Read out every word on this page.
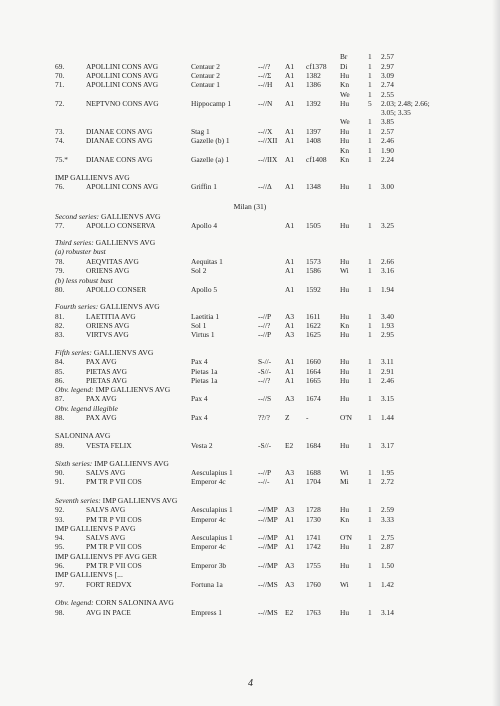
Br	1 2.57
69.	APOLLINI CONS AVG	Centaur 2	--//? A1 cf1378 Di	1 2.97
70.	APOLLINI CONS AVG	Centaur 2	--//Σ A1 1382	Hu	1 3.09
71.	APOLLINI CONS AVG	Centaur 1	--//H A1 1386	Kn	1 2.74
We 1 2.55
72.	NEPTVNO CONS AVG	Hippocamp 1	--//N A1 1392	Hu	5 2.03; 2.48; 2.66;
3.05; 3.35
We 1 3.85
73.	DIANAE CONS AVG	Stag 1	--//X A1 1397	Hu	1 2.57
74.	DIANAE CONS AVG	Gazelle (b) 1	--//XII A1 1408	Hu	1 2.46
Kn	1 1.90
75.* DIANAE CONS AVG	Gazelle (a) 1	--//IIX A1 cf1408 Kn	1 2.24
IMP GALLIENVS AVG
76.	APOLLINI CONS AVG	Griffin 1	--//Δ A1 1348	Hu	1 3.00
Milan (31)
Second series: GALLIENVS AVG
77.	APOLLO CONSERVA	Apollo 4	A1 1505	Hu	1 3.25
Third series: GALLIENVS AVG
(a) robuster bust
78.	AEQVITAS AVG	Aequitas 1	A1 1573	Hu	1 2.66
79.	ORIENS AVG	Sol 2	A1 1586	Wi	1 3.16
(b) less robust bust
80.	APOLLO CONSER	Apollo 5	A1 1592	Hu	1 1.94
Fourth series: GALLIENVS AVG
81.	LAETITIA AVG	Laetitia 1	--//P A3 1611	Hu	1 3.40
82.	ORIENS AVG	Sol 1	--//? A1 1622	Kn	1 1.93
83.	VIRTVS AVG	Virtus 1	--//P A3 1625	Hu	1 2.95
Fifth series: GALLIENVS AVG
84.	PAX AVG	Pax 4	S-//- A1 1660	Hu	1 3.11
85.	PIETAS AVG	Pietas 1a	-S//- A1 1664	Hu	1 2.91
86.	PIETAS AVG	Pietas 1a	--//? A1 1665	Hu	1 2.46
Obv. legend: IMP GALLIENVS AVG
87.	PAX AVG	Pax 4	--//S A3 1674	Hu	1 3.15
Obv. legend illegible
88.	PAX AVG	Pax 4	??/? Z -	O'N 1 1.44
SALONINA AVG
89.	VESTA FELIX	Vesta 2	-S//- E2 1684	Hu	1 3.17
Sixth series: IMP GALLIENVS AVG
90.	SALVS AVG	Aesculapius 1	--//P A3 1688	Wi	1 1.95
91.	PM TR P VII COS	Emperor 4c	--//- A1 1704	Mi	1 2.72
Seventh series: IMP GALLIENVS AVG
92.	SALVS AVG	Aesculapius 1	--//MP A3 1728	Hu	1 2.59
93.	PM TR P VII COS	Emperor 4c	--//MP A1 1730	Kn	1 3.33
IMP GALLIENVS P AVG
94.	SALVS AVG	Aesculapius 1	--//MP A1 1741	O'N 1 2.75
95.	PM TR P VII COS	Emperor 4c	--//MP A1 1742	Hu	1 2.87
IMP GALLIENVS PF AVG GER
96.	PM TR P VII COS	Emperor 3b	--//MP A3 1755	Hu	1 1.50
IMP GALLIENVS [...
97.	FORT REDVX	Fortuna 1a	--//MS A3 1760	Wi	1 1.42
Obv. legend: CORN SALONINA AVG
98.	AVG IN PACE	Empress 1	--//MS E2 1763	Hu	1 3.14
4
